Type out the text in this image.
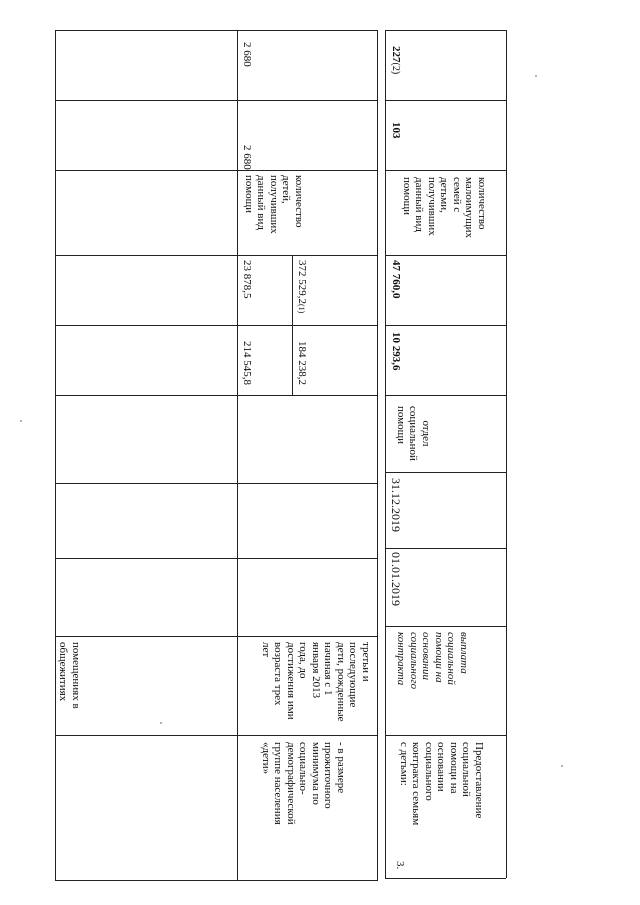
помещениях в
общежитиях
- в размере
прожиточного
минимума по
социально-
демографической
группе населения
«дети»
третьи и
последующие
дети, рожденные
начиная с 1
января 2013
года, до
достижения ими
возраста трех
лет
214 545,8
23 878,5
184 238,2
372 529,2(1)
количество
детей,
получивших
данный вид
помощи
2 680
2 680
3.
Предоставление
социальной
помощи на
основании
социального
контракта семьям
с детьми:
выплата
социальной
помощи на
основании
социального
контракта
01.01.2019
31.12.2019
отдел
социальной
помощи
10 293,6
47 760,0
количество
малоимущих
семей с
детьми,
получивших
данный вид
помощи
103
227(2)
